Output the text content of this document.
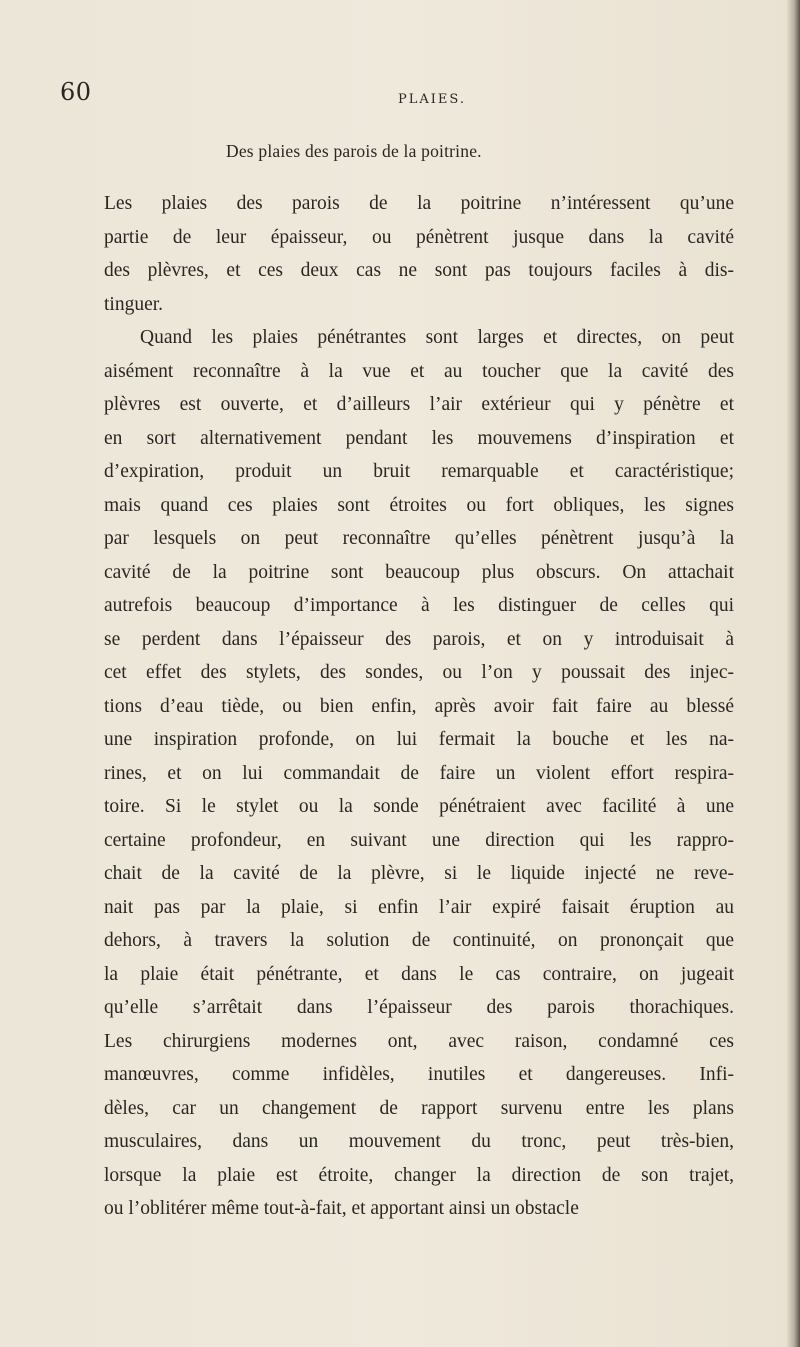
60	PLAIES.
Des plaies des parois de la poitrine.
Les plaies des parois de la poitrine n’intéressent qu’une
partie de leur épaisseur, ou pénètrent jusque dans la cavité
des plèvres, et ces deux cas ne sont pas toujours faciles à dis-
tinguer.
Quand les plaies pénétrantes sont larges et directes, on peut
aisément reconnaître à la vue et au toucher que la cavité des
plèvres est ouverte, et d’ailleurs l’air extérieur qui y pénètre et
en sort alternativement pendant les mouvemens d’inspiration et
d’expiration, produit un bruit remarquable et caractéristique;
mais quand ces plaies sont étroites ou fort obliques, les signes
par lesquels on peut reconnaître qu’elles pénètrent jusqu’à la
cavité de la poitrine sont beaucoup plus obscurs. On attachait
autrefois beaucoup d’importance à les distinguer de celles qui
se perdent dans l’épaisseur des parois, et on y introduisait à
cet effet des stylets, des sondes, ou l’on y poussait des injec-
tions d’eau tiède, ou bien enfin, après avoir fait faire au blessé
une inspiration profonde, on lui fermait la bouche et les na-
rines, et on lui commandait de faire un violent effort respira-
toire. Si le stylet ou la sonde pénétraient avec facilité à une
certaine profondeur, en suivant une direction qui les rappro-
chait de la cavité de la plèvre, si le liquide injecté ne reve-
nait pas par la plaie, si enfin l’air expiré faisait éruption au
dehors, à travers la solution de continuité, on prononçait que
la plaie était pénétrante, et dans le cas contraire, on jugeait
qu’elle s’arrêtait dans l’épaisseur des parois thorachiques.
Les chirurgiens modernes ont, avec raison, condamné ces
manœuvres, comme infidèles, inutiles et dangereuses. Infi-
dèles, car un changement de rapport survenu entre les plans
musculaires, dans un mouvement du tronc, peut très-bien,
lorsque la plaie est étroite, changer la direction de son trajet,
ou l’oblitérer même tout-à-fait, et apportant ainsi un obstacle
